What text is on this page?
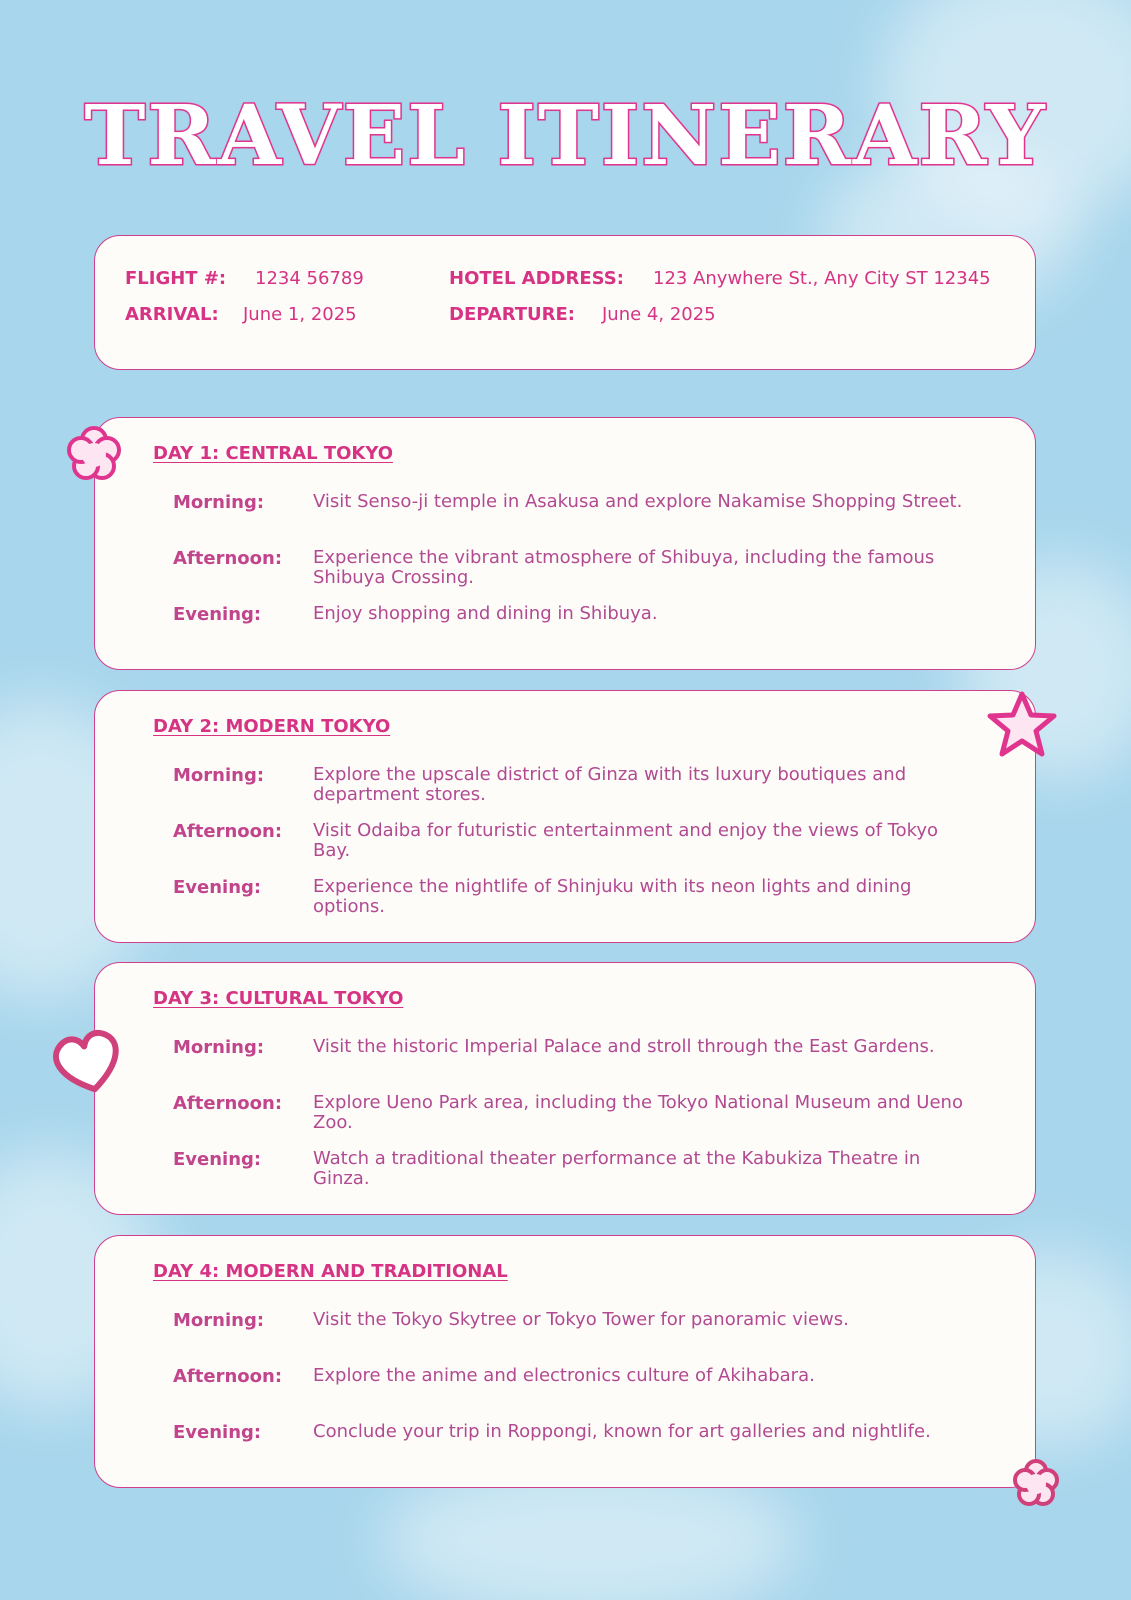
TRAVEL ITINERARY
FLIGHT #: 1234 56789	HOTEL ADDRESS: 123 Anywhere St., Any City ST 12345
ARRIVAL: June 1, 2025	DEPARTURE: June 4, 2025
DAY 1: CENTRAL TOKYO
Morning:	Visit Senso-ji temple in Asakusa and explore Nakamise Shopping Street.
Afternoon: Experience the vibrant atmosphere of Shibuya, including the famous Shibuya Crossing.
Evening:	Enjoy shopping and dining in Shibuya.
DAY 2: MODERN TOKYO
Morning:	Explore the upscale district of Ginza with its luxury boutiques and department stores.
Afternoon: Visit Odaiba for futuristic entertainment and enjoy the views of Tokyo Bay.
Evening:	Experience the nightlife of Shinjuku with its neon lights and dining options.
DAY 3: CULTURAL TOKYO
Morning:	Visit the historic Imperial Palace and stroll through the East Gardens.
Afternoon: Explore Ueno Park area, including the Tokyo National Museum and Ueno Zoo.
Evening:	Watch a traditional theater performance at the Kabukiza Theatre in Ginza.
DAY 4: MODERN AND TRADITIONAL
Morning:	Visit the Tokyo Skytree or Tokyo Tower for panoramic views.
Afternoon: Explore the anime and electronics culture of Akihabara.
Evening:	Conclude your trip in Roppongi, known for art galleries and nightlife.
